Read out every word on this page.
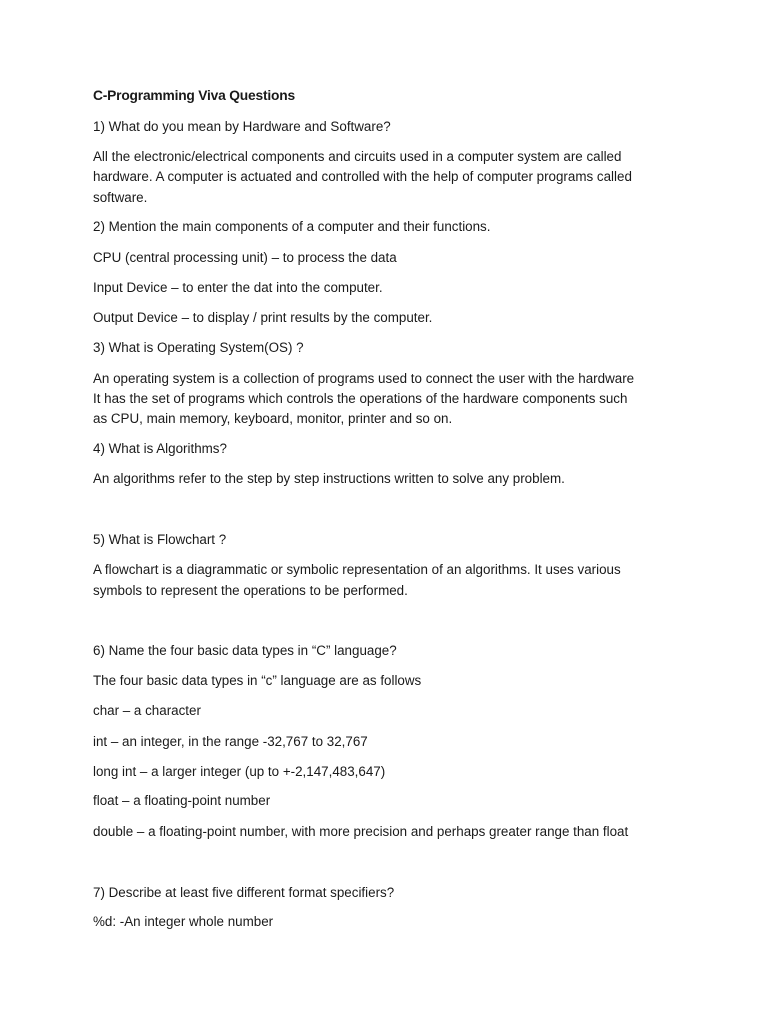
C-Programming Viva Questions

1) What do you mean by Hardware and Software?

All the electronic/electrical components and circuits used in a computer system are called

hardware. A computer is actuated and controlled with the help of computer programs called

software.

2) Mention the main components of a computer and their functions.

CPU (central processing unit) – to process the data

Input Device – to enter the dat into the computer.

Output Device – to display / print results by the computer.

3) What is Operating System(OS) ?

An operating system is a collection of programs used to connect the user with the hardware

It has the set of programs which controls the operations of the hardware components such

as CPU, main memory, keyboard, monitor, printer and so on.

4) What is Algorithms?

An algorithms refer to the step by step instructions written to solve any problem.

5) What is Flowchart ?

A flowchart is a diagrammatic or symbolic representation of an algorithms. It uses various

symbols to represent the operations to be performed.

6) Name the four basic data types in “C” language?

The four basic data types in “c” language are as follows

char – a character

int – an integer, in the range -32,767 to 32,767

long int – a larger integer (up to +-2,147,483,647)

float – a floating-point number

double – a floating-point number, with more precision and perhaps greater range than float

7) Describe at least five different format specifiers?

%d: -An integer whole number
